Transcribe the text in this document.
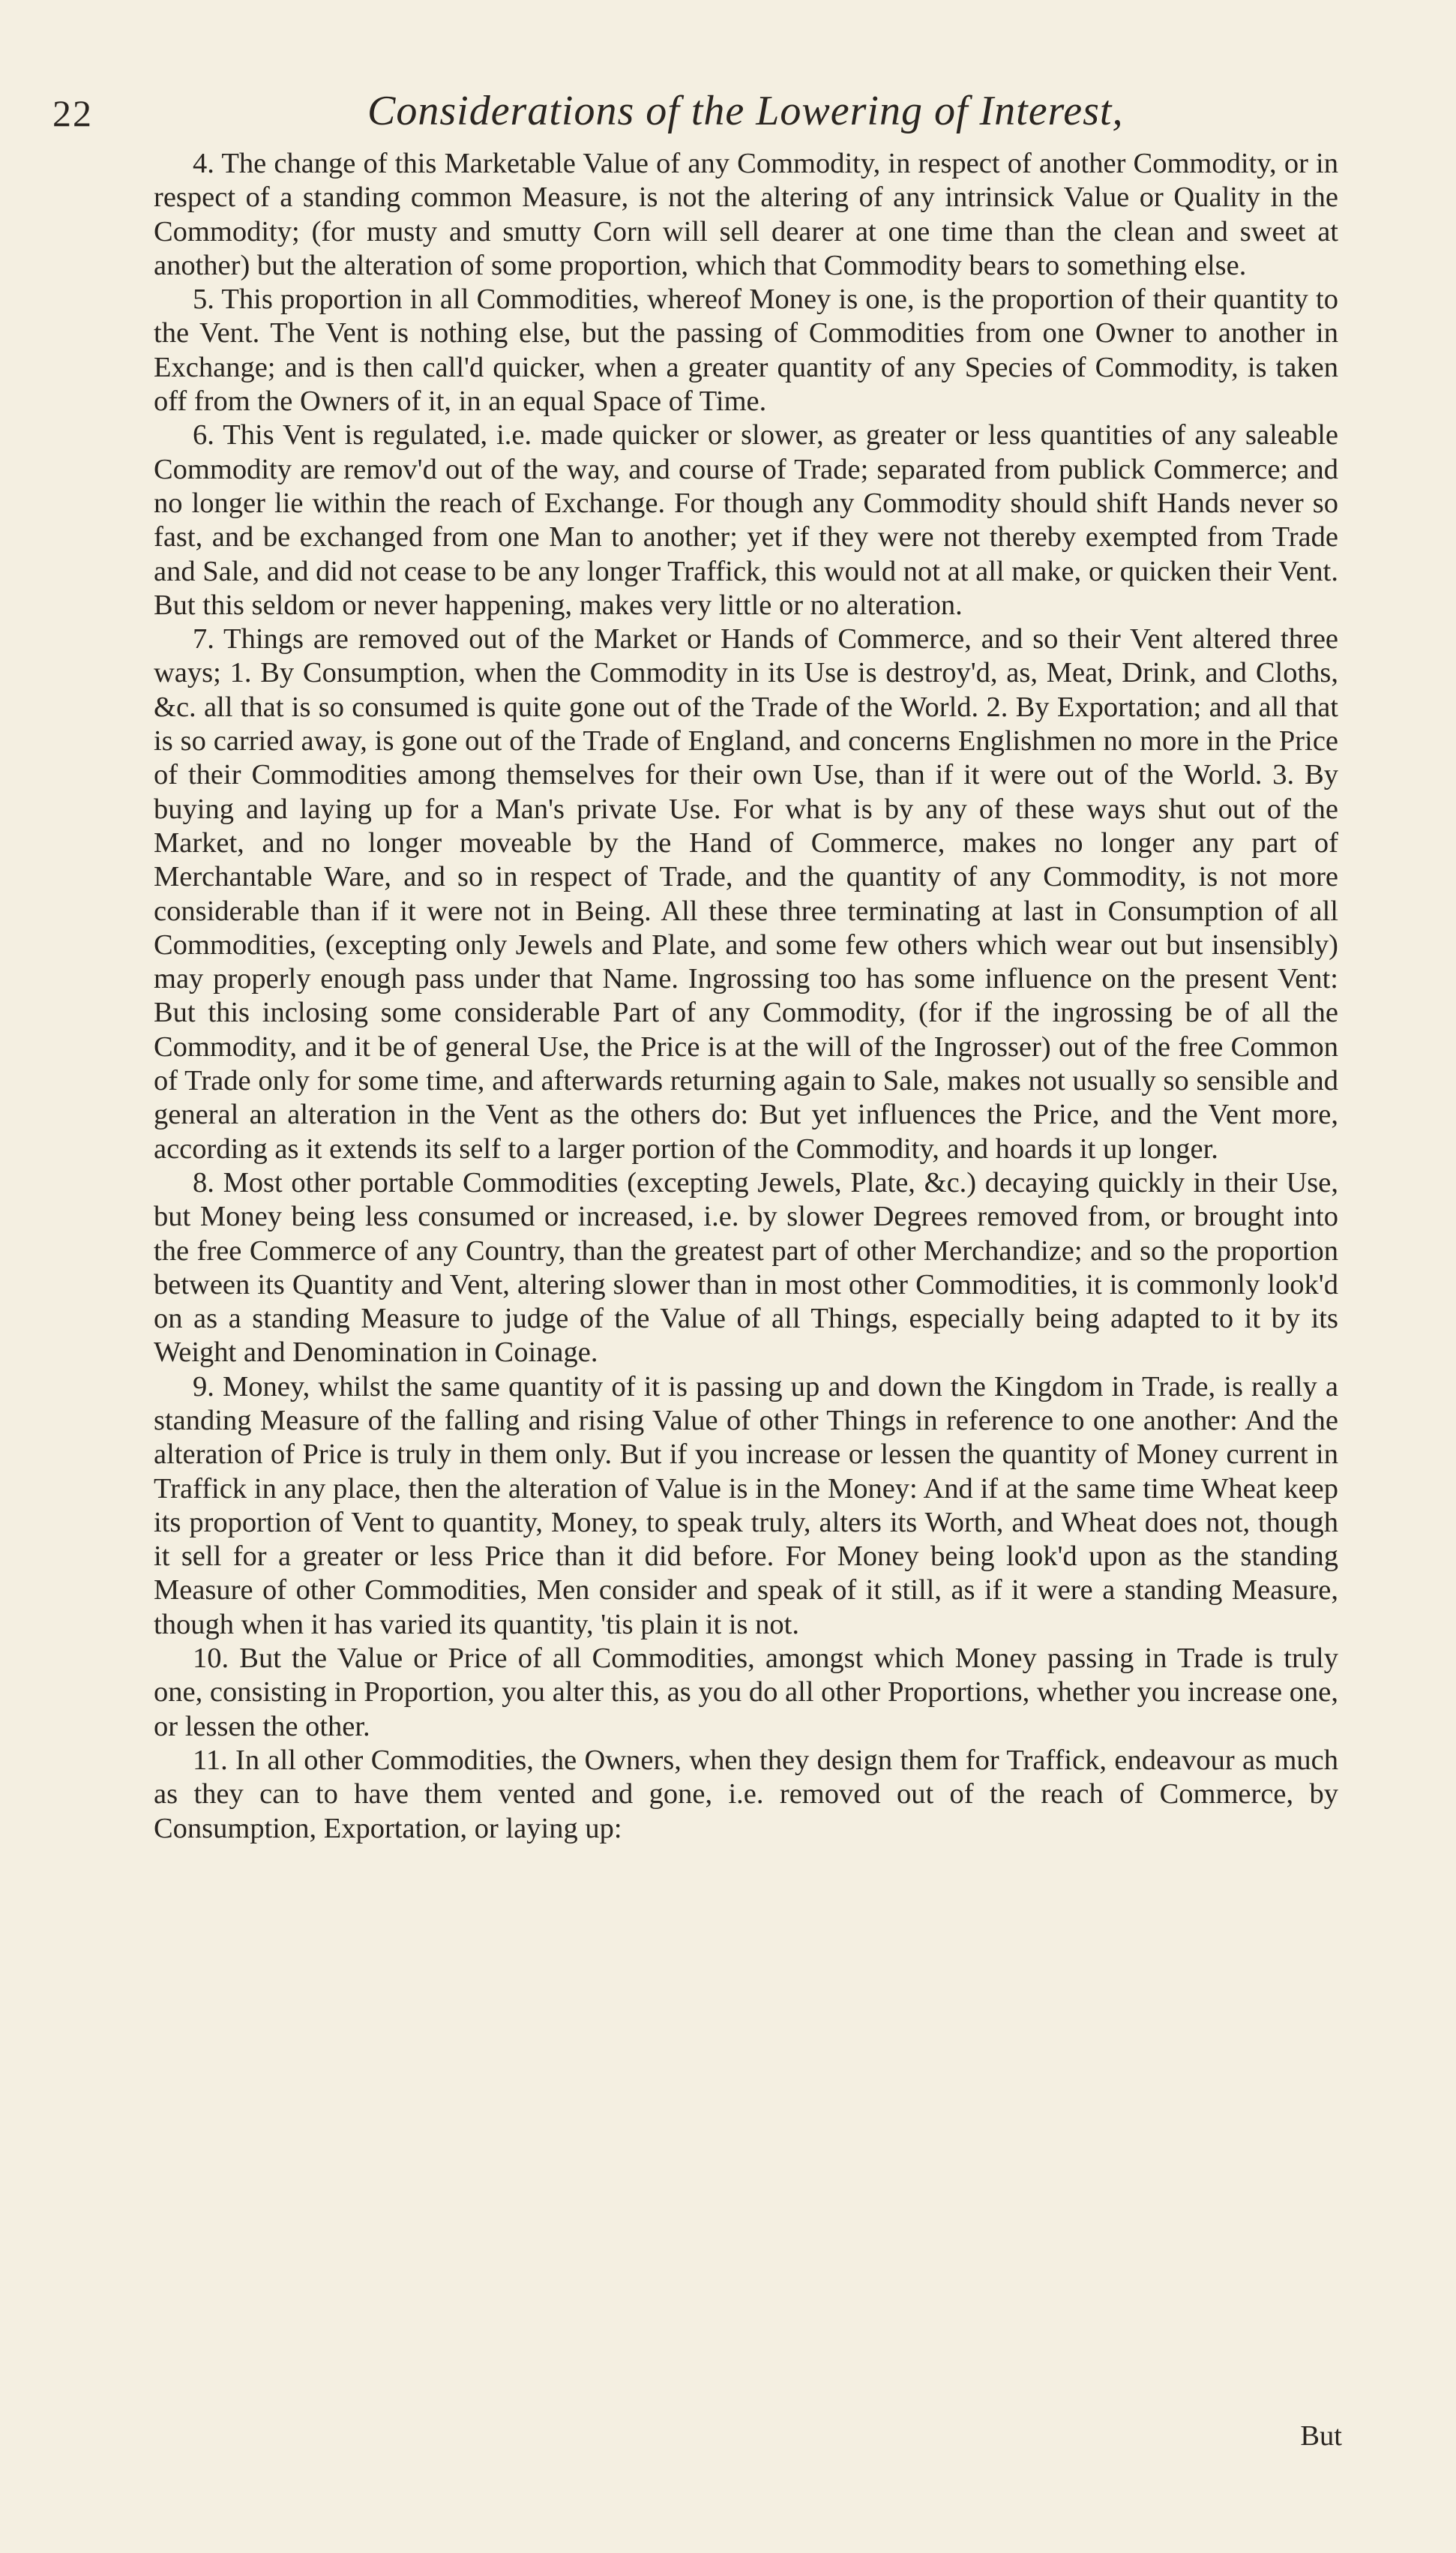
22	Considerations of the Lowering of Interest,

4. The change of this Marketable Value of any Commodity, in respect of another Commodity, or in respect of a standing common Measure, is not the altering of any intrinsick Value or Quality in the Commodity; (for musty and smutty Corn will sell dearer at one time than the clean and sweet at another) but the alteration of some proportion, which that Commodity bears to something else.

5. This proportion in all Commodities, whereof Money is one, is the proportion of their quantity to the Vent. The Vent is nothing else, but the passing of Commodities from one Owner to another in Exchange; and is then call'd quicker, when a greater quantity of any Species of Commodity, is taken off from the Owners of it, in an equal Space of Time.

6. This Vent is regulated, i.e. made quicker or slower, as greater or less quantities of any saleable Commodity are remov'd out of the way, and course of Trade; separated from publick Commerce; and no longer lie within the reach of Exchange. For though any Commodity should shift Hands never so fast, and be exchanged from one Man to another; yet if they were not thereby exempted from Trade and Sale, and did not cease to be any longer Traffick, this would not at all make, or quicken their Vent. But this seldom or never happening, makes very little or no alteration.

7. Things are removed out of the Market or Hands of Commerce, and so their Vent altered three ways; 1. By Consumption, when the Commodity in its Use is destroy'd, as, Meat, Drink, and Cloths, &c. all that is so consumed is quite gone out of the Trade of the World. 2. By Exportation; and all that is so carried away, is gone out of the Trade of England, and concerns Englishmen no more in the Price of their Commodities among themselves for their own Use, than if it were out of the World. 3. By buying and laying up for a Man's private Use. For what is by any of these ways shut out of the Market, and no longer moveable by the Hand of Commerce, makes no longer any part of Merchantable Ware, and so in respect of Trade, and the quantity of any Commodity, is not more considerable than if it were not in Being. All these three terminating at last in Consumption of all Commodities, (excepting only Jewels and Plate, and some few others which wear out but insensibly) may properly enough pass under that Name. Ingrossing too has some influence on the present Vent: But this inclosing some considerable Part of any Commodity, (for if the ingrossing be of all the Commodity, and it be of general Use, the Price is at the will of the Ingrosser) out of the free Common of Trade only for some time, and afterwards returning again to Sale, makes not usually so sensible and general an alteration in the Vent as the others do: But yet influences the Price, and the Vent more, according as it extends its self to a larger portion of the Commodity, and hoards it up longer.

8. Most other portable Commodities (excepting Jewels, Plate, &c.) decaying quickly in their Use, but Money being less consumed or increased, i.e. by slower Degrees removed from, or brought into the free Commerce of any Country, than the greatest part of other Merchandize; and so the proportion between its Quantity and Vent, altering slower than in most other Commodities, it is commonly look'd on as a standing Measure to judge of the Value of all Things, especially being adapted to it by its Weight and Denomination in Coinage.

9. Money, whilst the same quantity of it is passing up and down the Kingdom in Trade, is really a standing Measure of the falling and rising Value of other Things in reference to one another: And the alteration of Price is truly in them only. But if you increase or lessen the quantity of Money current in Traffick in any place, then the alteration of Value is in the Money: And if at the same time Wheat keep its proportion of Vent to quantity, Money, to speak truly, alters its Worth, and Wheat does not, though it sell for a greater or less Price than it did before. For Money being look'd upon as the standing Measure of other Commodities, Men consider and speak of it still, as if it were a standing Measure, though when it has varied its quantity, 'tis plain it is not.

10. But the Value or Price of all Commodities, amongst which Money passing in Trade is truly one, consisting in Proportion, you alter this, as you do all other Proportions, whether you increase one, or lessen the other.

11. In all other Commodities, the Owners, when they design them for Traffick, endeavour as much as they can to have them vented and gone, i.e. removed out of the reach of Commerce, by Consumption, Exportation, or laying up:

But
